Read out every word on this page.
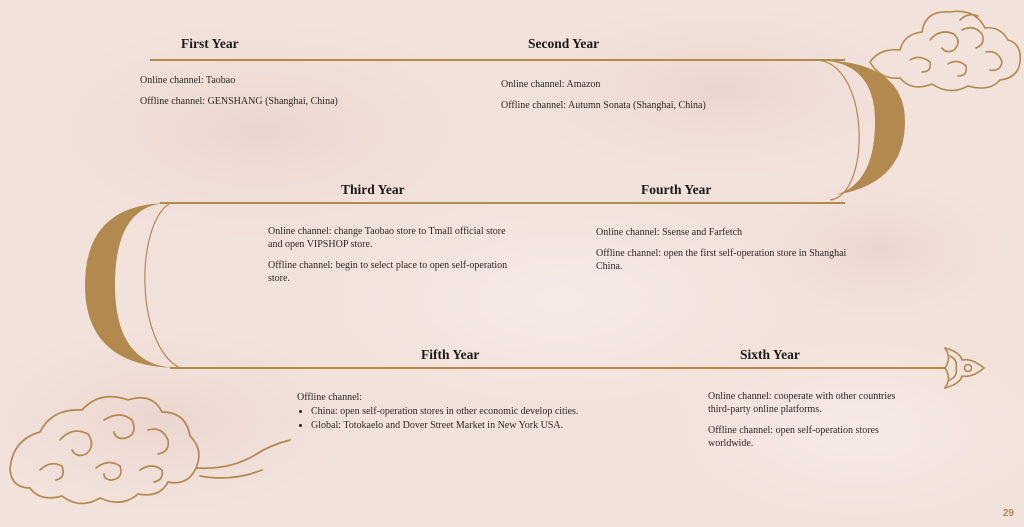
First Year	Second Year
Third Year	Fourth Year
Fifth Year	Sixth Year

Online channel: Taobao

Offline channel: GENSHANG (Shanghai, China)

Online channel: Amazon

Offline channel: Autumn Sonata (Shanghai, China)

Online channel: change Taobao store to Tmall official store and open VIPSHOP store.

Offline channel: begin to select place to open self-operation store.

Online channel: Ssense and Farfetch

Offline channel: open the first self-operation store in Shanghai China.

Offline channel:
• China: open self-operation stores in other economic develop cities.
• Global: Totokaelo and Dover Street Market in New York USA.

Online channel: cooperate with other countries third-party online platforms.

Offline channel: open self-operation stores worldwide.

29
